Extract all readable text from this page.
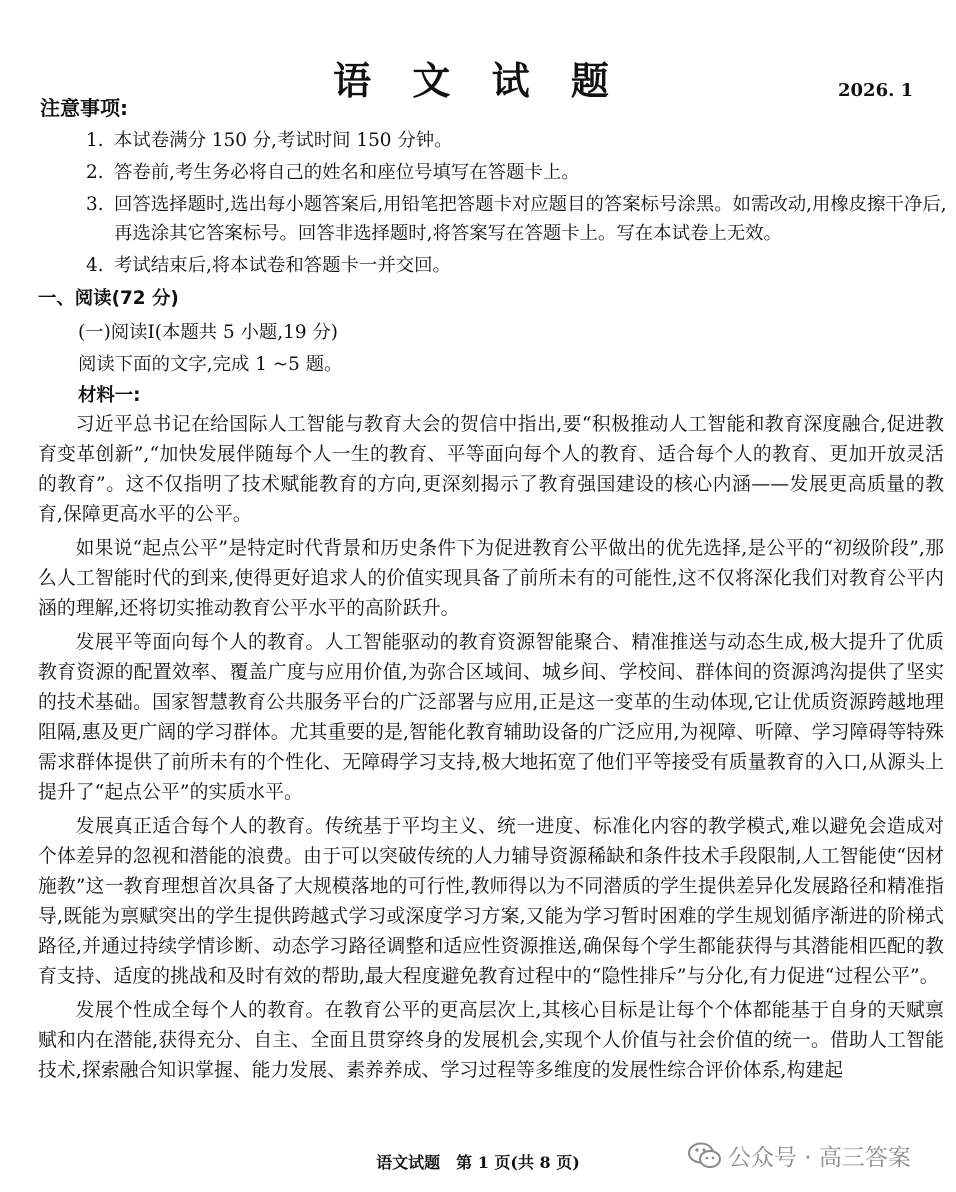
语 文 试 题	2026. 1
注意事项:
1. 本试卷满分 150 分,考试时间 150 分钟。
2. 答卷前,考生务必将自己的姓名和座位号填写在答题卡上。
3. 回答选择题时,选出每小题答案后,用铅笔把答题卡对应题目的答案标号涂黑。如需改动,用橡皮擦干净后,再选涂其它答案标号。回答非选择题时,将答案写在答题卡上。写在本试卷上无效。
4. 考试结束后,将本试卷和答题卡一并交回。
一、阅读(72 分)
(一)阅读Ⅰ(本题共 5 小题,19 分)
阅读下面的文字,完成 1 ~5 题。
材料一:

习近平总书记在给国际人工智能与教育大会的贺信中指出,要“积极推动人工智能和教育深度融合,促进教育变革创新”,“加快发展伴随每个人一生的教育、平等面向每个人的教育、适合每个人的教育、更加开放灵活的教育”。这不仅指明了技术赋能教育的方向,更深刻揭示了教育强国建设的核心内涵——发展更高质量的教育,保障更高水平的公平。

如果说“起点公平”是特定时代背景和历史条件下为促进教育公平做出的优先选择,是公平的“初级阶段”,那么人工智能时代的到来,使得更好追求人的价值实现具备了前所未有的可能性,这不仅将深化我们对教育公平内涵的理解,还将切实推动教育公平水平的高阶跃升。

发展平等面向每个人的教育。人工智能驱动的教育资源智能聚合、精准推送与动态生成,极大提升了优质教育资源的配置效率、覆盖广度与应用价值,为弥合区域间、城乡间、学校间、群体间的资源鸿沟提供了坚实的技术基础。国家智慧教育公共服务平台的广泛部署与应用,正是这一变革的生动体现,它让优质资源跨越地理阻隔,惠及更广阔的学习群体。尤其重要的是,智能化教育辅助设备的广泛应用,为视障、听障、学习障碍等特殊需求群体提供了前所未有的个性化、无障碍学习支持,极大地拓宽了他们平等接受有质量教育的入口,从源头上提升了“起点公平”的实质水平。

发展真正适合每个人的教育。传统基于平均主义、统一进度、标准化内容的教学模式,难以避免会造成对个体差异的忽视和潜能的浪费。由于可以突破传统的人力辅导资源稀缺和条件技术手段限制,人工智能使“因材施教”这一教育理想首次具备了大规模落地的可行性,教师得以为不同潜质的学生提供差异化发展路径和精准指导,既能为禀赋突出的学生提供跨越式学习或深度学习方案,又能为学习暂时困难的学生规划循序渐进的阶梯式路径,并通过持续学情诊断、动态学习路径调整和适应性资源推送,确保每个学生都能获得与其潜能相匹配的教育支持、适度的挑战和及时有效的帮助,最大程度避免教育过程中的“隐性排斥”与分化,有力促进“过程公平”。

发展个性成全每个人的教育。在教育公平的更高层次上,其核心目标是让每个个体都能基于自身的天赋禀赋和内在潜能,获得充分、自主、全面且贯穿终身的发展机会,实现个人价值与社会价值的统一。借助人工智能技术,探索融合知识掌握、能力发展、素养养成、学习过程等多维度的发展性综合评价体系,构建起

语文试题　第 1 页(共 8 页)	公众号 · 高三答案
